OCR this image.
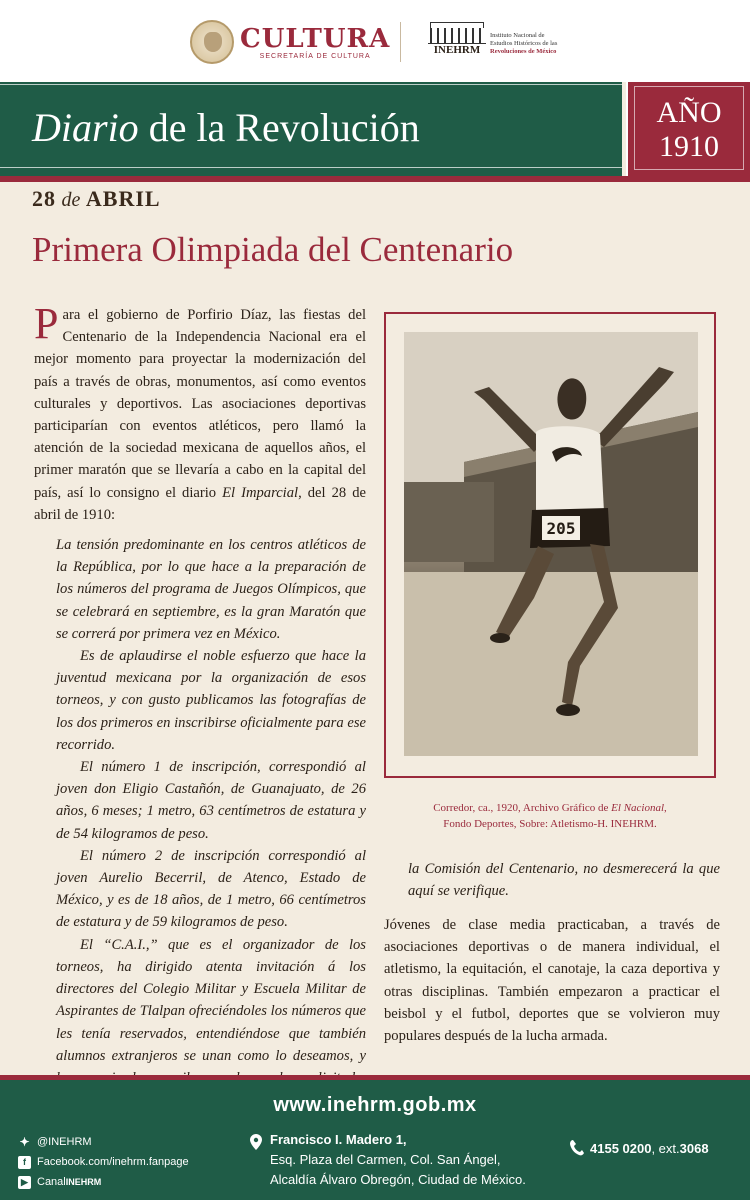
CULTURA
SECRETARÍA DE CULTURA	INEHRM
Instituto Nacional de
Estudios Históricos de las
Revoluciones de México
Diario de la Revolución	AÑO
1910
28 de ABRIL
Primera Olimpiada del Centenario

Para el gobierno de Porfirio Díaz, las fiestas del Centenario de la Independencia Nacional era el mejor momento para proyectar la modernización del país a través de obras, monumentos, así como eventos culturales y deportivos. Las asociaciones deportivas participarían con eventos atléticos, pero llamó la atención de la sociedad mexicana de aquellos años, el primer maratón que se llevaría a cabo en la capital del país, así lo consigno el diario El Imparcial, del 28 de abril de 1910:

La tensión predominante en los centros atléticos de la República, por lo que hace a la preparación de los números del programa de Juegos Olímpicos, que se celebrará en septiembre, es la gran Maratón que se correrá por primera vez en México.

Es de aplaudirse el noble esfuerzo que hace la juventud mexicana por la organización de esos torneos, y con gusto publicamos las fotografías de los dos primeros en inscribirse oficialmente para ese recorrido.

El número 1 de inscripción, correspondió al joven don Eligio Castañón, de Guanajuato, de 26 años, 6 meses; 1 metro, 63 centímetros de estatura y de 54 kilogramos de peso.

El número 2 de inscripción correspondió al joven Aurelio Becerril, de Atenco, Estado de México, y es de 18 años, de 1 metro, 66 centímetros de estatura y de 59 kilogramos de peso.

El “C.A.I.,” que es el organizador de los torneos, ha dirigido atenta invitación á los directores del Colegio Militar y Escuela Militar de Aspirantes de Tlalpan ofreciéndoles los números que les tenía reservados, entendiéndose que también alumnos extranjeros se unan como lo deseamos, y

205
Corredor, ca., 1920, Archivo Gráfico de El Nacional,
Fondo Deportes, Sobre: Atletismo-H. INEHRM.
la Comisión del Centenario, no desmerecerá la que aquí se verifique.
Jóvenes de clase media practicaban, a través de asociaciones deportivas o de manera individual, el atletismo, la equitación, el canotaje, la caza deportiva y otras disciplinas. También empezaron a practicar el beisbol y el futbol, deportes que se volvieron muy populares después de la lucha armada.
www.inehrm.gob.mx
✦ @INEHRM
f	Facebook.com/inehrm.fanpage
▶ Canal INEHRM
Francisco I. Madero 1,
Esq. Plaza del Carmen, Col. San Ángel,
Alcaldía Álvaro Obregón, Ciudad de México.
4155 0200 , ext. 3068
